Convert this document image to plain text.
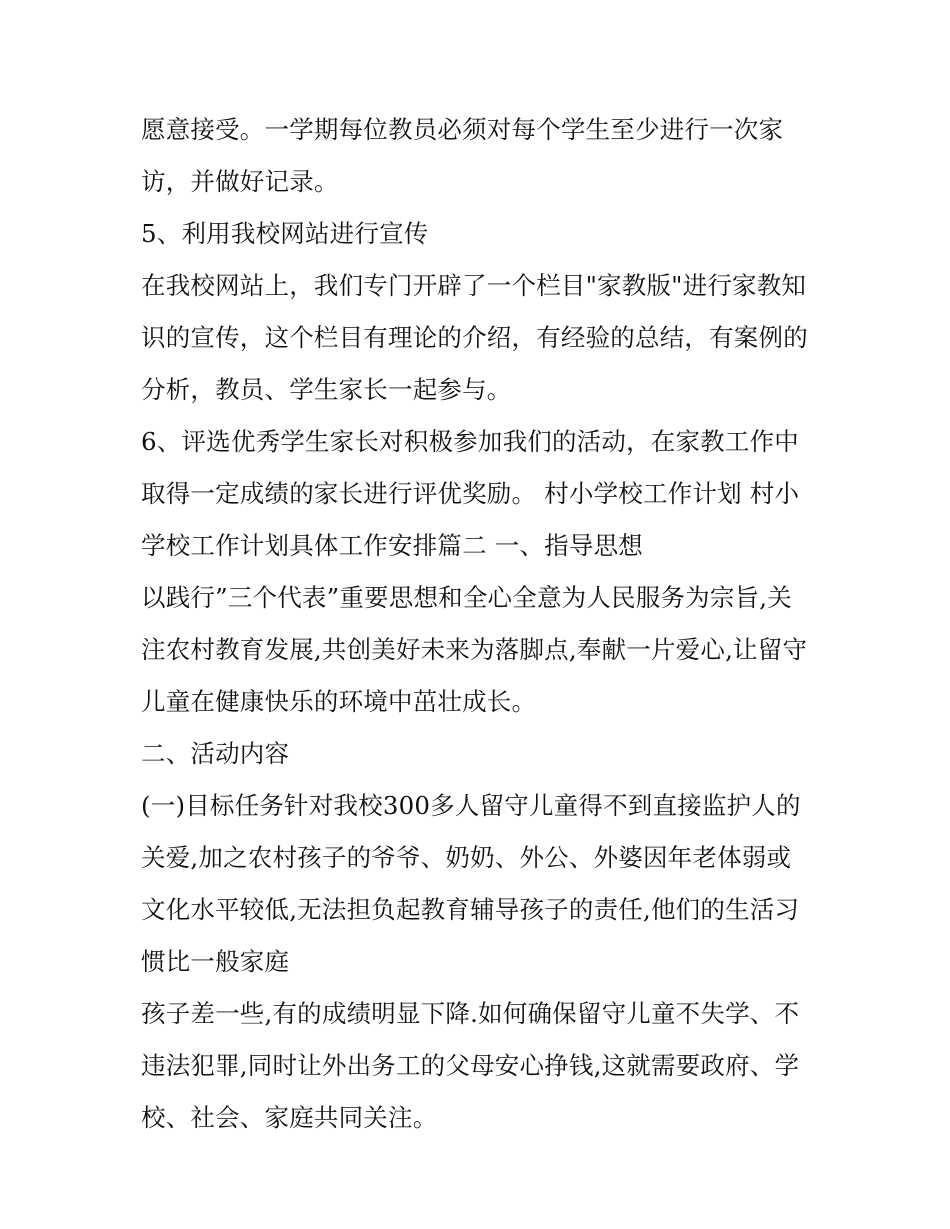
愿意接受。一学期每位教员必须对每个学生至少进行一次家
访，并做好记录。
5、利用我校网站进行宣传
在我校网站上，我们专门开辟了一个栏目"家教版"进行家教知
识的宣传，这个栏目有理论的介绍，有经验的总结，有案例的
分析，教员、学生家长一起参与。
6、评选优秀学生家长对积极参加我们的活动，在家教工作中
取得一定成绩的家长进行评优奖励。 村小学校工作计划 村小
学校工作计划具体工作安排篇二 一、指导思想
以践行”三个代表”重要思想和全心全意为人民服务为宗旨,关
注农村教育发展,共创美好未来为落脚点,奉献一片爱心,让留守
儿童在健康快乐的环境中茁壮成长。
二、活动内容
(一)目标任务针对我校300多人留守儿童得不到直接监护人的
关爱,加之农村孩子的爷爷、奶奶、外公、外婆因年老体弱或
文化水平较低,无法担负起教育辅导孩子的责任,他们的生活习
惯比一般家庭
孩子差一些,有的成绩明显下降.如何确保留守儿童不失学、不
违法犯罪,同时让外出务工的父母安心挣钱,这就需要政府、学
校、社会、家庭共同关注。
